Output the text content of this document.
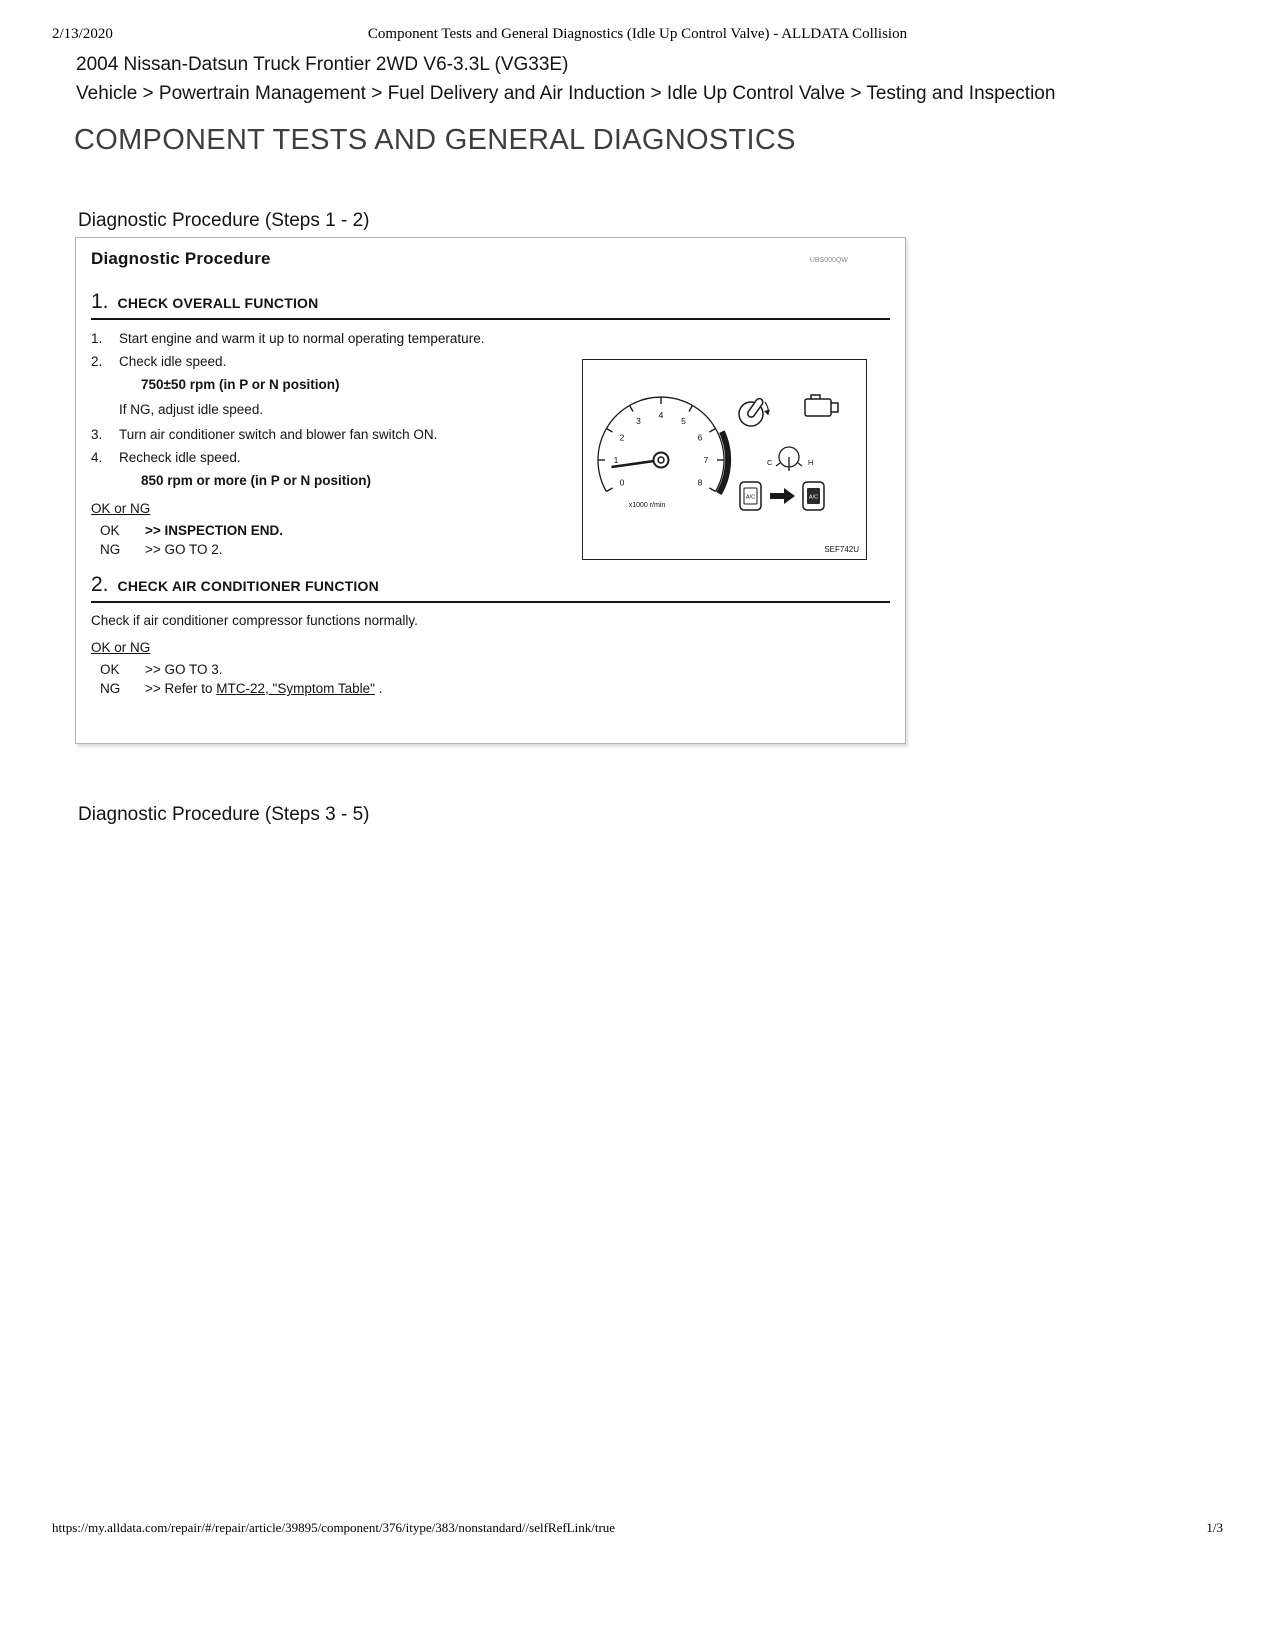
2/13/2020	Component Tests and General Diagnostics (Idle Up Control Valve) - ALLDATA Collision
2004 Nissan-Datsun Truck Frontier 2WD V6-3.3L (VG33E)
Vehicle > Powertrain Management > Fuel Delivery and Air Induction > Idle Up Control Valve > Testing and Inspection
COMPONENT TESTS AND GENERAL DIAGNOSTICS
Diagnostic Procedure (Steps 1 - 2)
Diagnostic Procedure	UBS000QW
1. CHECK OVERALL FUNCTION
1.	Start engine and warm it up to normal operating temperature.
2.	Check idle speed.
750±50 rpm (in P or N position)
If NG, adjust idle speed.
3.	Turn air conditioner switch and blower fan switch ON.
4.	Recheck idle speed.
850 rpm or more (in P or N position)
OK or NG
OK	>> INSPECTION END.
NG	>> GO TO 2.
2. CHECK AIR CONDITIONER FUNCTION
Check if air conditioner compressor functions normally.
OK or NG
OK	>> GO TO 3.
NG	>> Refer to MTC-22, "Symptom Table" .
0
1
2
3
4
5
6
7
8
x1000 r/min
C	H
A/C	A/C
SEF742U
Diagnostic Procedure (Steps 3 - 5)
https://my.alldata.com/repair/#/repair/article/39895/component/376/itype/383/nonstandard//selfRefLink/true	1/3
